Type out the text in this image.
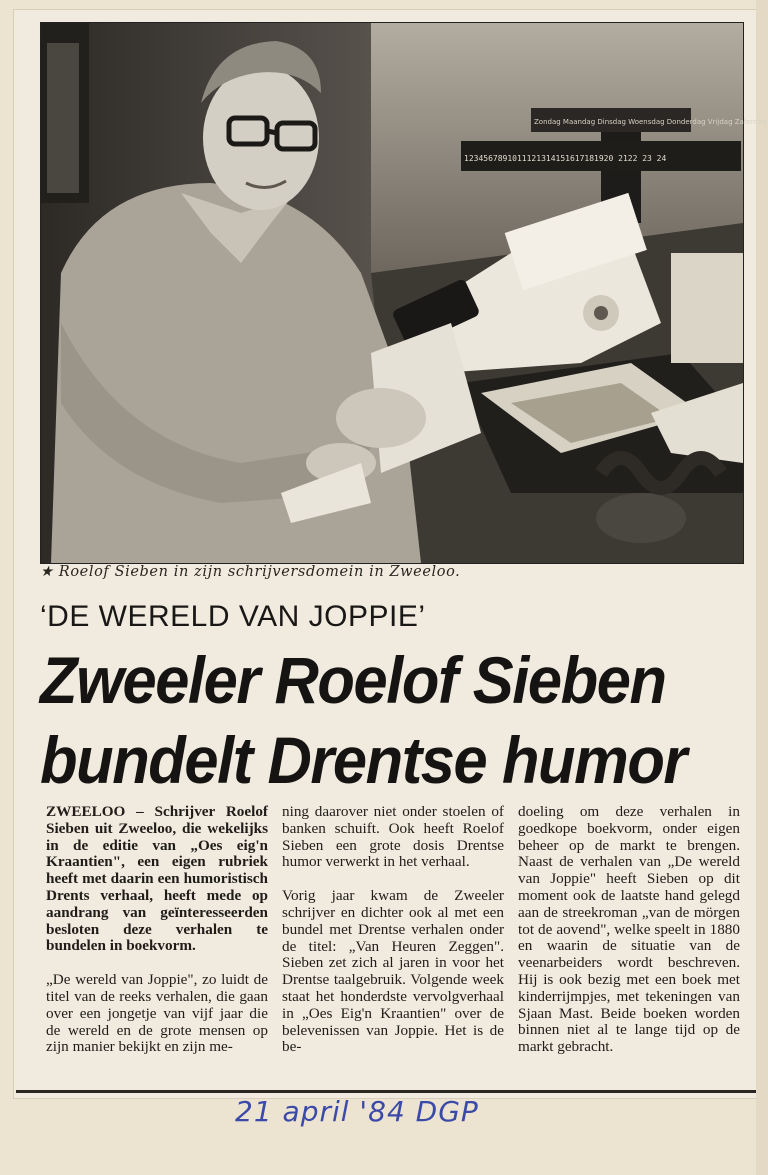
Zondag Maandag Dinsdag Woensdag Donderdag Vrijdag Zaterdag
1234567891011121314151617181920 2122 23 24
★ Roelof Sieben in zijn schrijversdomein in Zweeloo.
‘DE WERELD VAN JOPPIE’
Zweeler Roelof Sieben
bundelt Drentse humor

ZWEELOO – Schrijver Roelof Sieben uit Zweeloo, die wekelijks in de editie van „Oes eig'n Kraantien", een eigen rubriek heeft met daarin een humoristisch Drents verhaal, heeft mede op aandrang van geïnteresseerden besloten deze verhalen te bundelen in boekvorm.

„De wereld van Joppie", zo luidt de titel van de reeks verhalen, die gaan over een jongetje van vijf jaar die de wereld en de grote mensen op zijn manier bekijkt en zijn me-

ning daarover niet onder stoelen of banken schuift. Ook heeft Roelof Sieben een grote dosis Drentse humor verwerkt in het verhaal.

Vorig jaar kwam de Zweeler schrijver en dichter ook al met een bundel met Drentse verhalen onder de titel: „Van Heuren Zeggen". Sieben zet zich al jaren in voor het Drentse taalgebruik. Volgende week staat het honderdste vervolgverhaal in „Oes Eig'n Kraantien" over de belevenissen van Joppie. Het is de be-

doeling om deze verhalen in goedkope boekvorm, onder eigen beheer op de markt te brengen. Naast de verhalen van „De wereld van Joppie" heeft Sieben op dit moment ook de laatste hand gelegd aan de streekroman „van de mörgen tot de aovend", welke speelt in 1880 en waarin de situatie van de veenarbeiders wordt beschreven. Hij is ook bezig met een boek met kinderrijmpjes, met tekeningen van Sjaan Mast. Beide boeken worden binnen niet al te lange tijd op de markt gebracht.

21 april '84 DGP
